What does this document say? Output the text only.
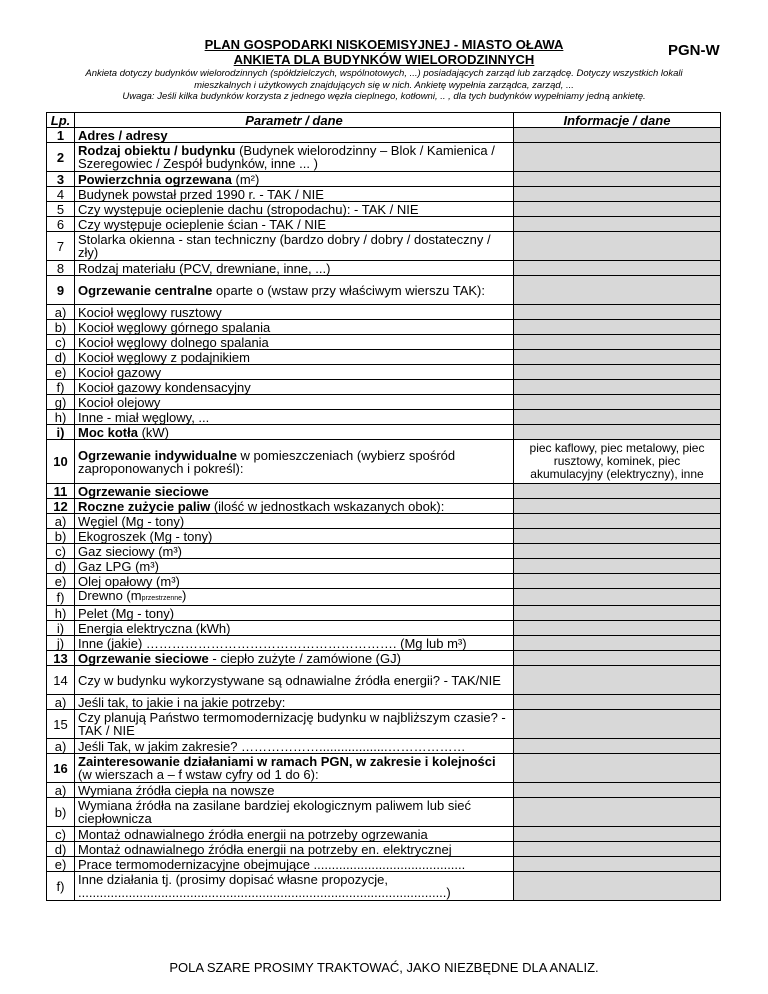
PLAN GOSPODARKI NISKOEMISYJNEJ - MIASTO OŁAWA
ANKIETA DLA BUDYNKÓW WIELORODZINNYCH
PGN-W
Ankieta dotyczy budynków wielorodzinnych (spółdzielczych, wspólnotowych, ...) posiadających zarząd lub zarządcę. Dotyczy wszystkich lokali
mieszkalnych i użytkowych znajdujących się w nich. Ankietę wypełnia zarządca, zarząd, ...
Uwaga: Jeśli kilka budynków korzysta z jednego węzła cieplnego, kotłowni, .. , dla tych budynków wypełniamy jedną ankietę.
Lp.	Parametr / dane	Informacje / dane
1	Adres / adresy	
2	Rodzaj obiektu / budynku (Budynek wielorodzinny – Blok / Kamienica / Szeregowiec / Zespół budynków, inne ... )	
3	Powierzchnia ogrzewana (m²)	
4	Budynek powstał przed 1990 r. - TAK / NIE	
5	Czy występuje ocieplenie dachu (stropodachu): - TAK / NIE	
6	Czy występuje ocieplenie ścian - TAK / NIE	
7	Stolarka okienna - stan techniczny (bardzo dobry / dobry / dostateczny / zły)	
8	Rodzaj materiału (PCV, drewniane, inne, ...)	
9	Ogrzewanie centralne oparte o (wstaw przy właściwym wierszu TAK):	
a)	Kocioł węglowy rusztowy	
b)	Kocioł węglowy górnego spalania	
c)	Kocioł węglowy dolnego spalania	
d)	Kocioł węglowy z podajnikiem	
e)	Kocioł gazowy	
f)	Kocioł gazowy kondensacyjny	
g)	Kocioł olejowy	
h)	Inne - miał węglowy, ...	
i)	Moc kotła (kW)	
10	Ogrzewanie indywidualne w pomieszczeniach (wybierz spośród zaproponowanych i pokreśl):	piec kaflowy, piec metalowy, piec rusztowy, kominek, piec akumulacyjny (elektryczny), inne
11	Ogrzewanie sieciowe	
12	Roczne zużycie paliw (ilość w jednostkach wskazanych obok):	
a)	Węgiel (Mg - tony)	
b)	Ekogroszek (Mg - tony)	
c)	Gaz sieciowy (m³)	
d)	Gaz LPG (m³)	
e)	Olej opałowy (m³)	
f)	Drewno (mprzestrzenne)	
h)	Pelet (Mg - tony)	
i)	Energia elektryczna (kWh)	
j)	Inne (jakie) …………………………………………………. (Mg lub m³)	
13	Ogrzewanie sieciowe - ciepło zużyte / zamówione (GJ)	
14	Czy w budynku wykorzystywane są odnawialne źródła energii? - TAK/NIE	
a)	Jeśli tak, to jakie i na jakie potrzeby:	
15	Czy planują Państwo termomodernizację budynku w najbliższym czasie? - TAK / NIE	
a)	Jeśli Tak, w jakim zakresie? ………………...................………………	
16	Zainteresowanie działaniami w ramach PGN, w zakresie i kolejności (w wierszach a – f wstaw cyfry od 1 do 6):	
a)	Wymiana źródła ciepła na nowsze	
b)	Wymiana źródła na zasilane bardziej ekologicznym paliwem lub sieć ciepłownicza	
c)	Montaż odnawialnego źródła energii na potrzeby ogrzewania	
d)	Montaż odnawialnego źródła energii na potrzeby en. elektrycznej	
e)	Prace termomodernizacyjne obejmujące ..........................................	
f)	Inne działania tj. (prosimy dopisać własne propozycje, ......................................................................................................)	
POLA SZARE PROSIMY TRAKTOWAĆ, JAKO NIEZBĘDNE DLA ANALIZ.
